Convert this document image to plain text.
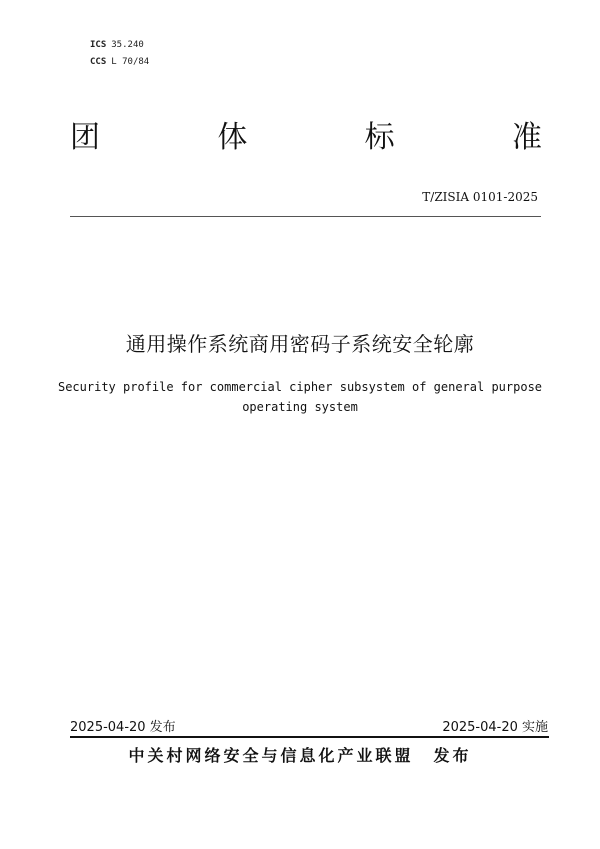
ICS 35.240
CCS L 70/84
团	体	标	准
T/ZISIA 0101-2025
通用操作系统商用密码子系统安全轮廓
Security profile for commercial cipher subsystem of general purpose
operating system
2025-04-20 发布	2025-04-20 实施
中关村网络安全与信息化产业联盟 发布
